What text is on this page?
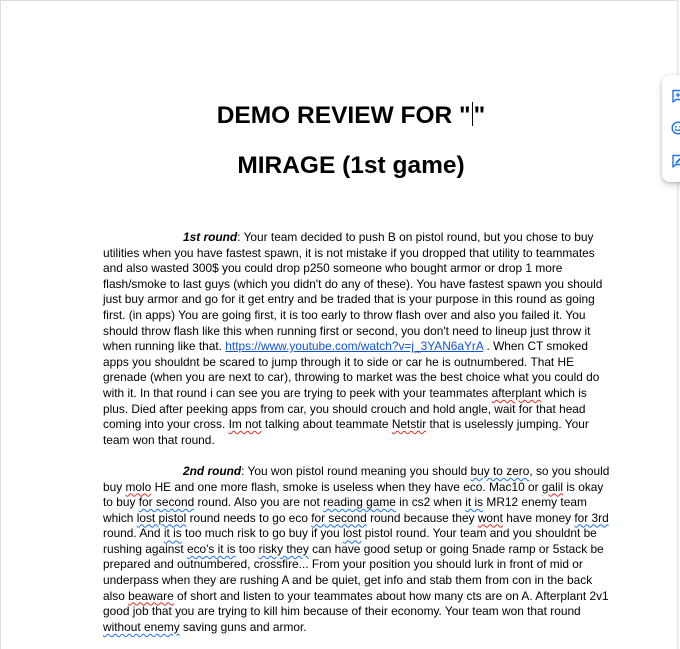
DEMO REVIEW FOR " "
MIRAGE (1st game)

1st round: Your team decided to push B on pistol round, but you chose to buy utilities when you have fastest spawn, it is not mistake if you dropped that utility to teammates and also wasted 300$ you could drop p250 someone who bought armor or drop 1 more flash/smoke to last guys (which you didn't do any of these). You have fastest spawn you should just buy armor and go for it get entry and be traded that is your purpose in this round as going first. (in apps) You are going first, it is too early to throw flash over and also you failed it. You should throw flash like this when running first or second, you don't need to lineup just throw it when running like that. https://www.youtube.com/watch?v=j_3YAN6aYrA . When CT smoked apps you shouldnt be scared to jump through it to side or car he is outnumbered. That HE grenade (when you are next to car), throwing to market was the best choice what you could do with it. In that round i can see you are trying to peek with your teammates afterplant which is plus. Died after peeking apps from car, you should crouch and hold angle, wait for that head coming into your cross. Im not talking about teammate Netstir that is uselessly jumping. Your team won that round.

2nd round: You won pistol round meaning you should buy to zero, so you should buy molo HE and one more flash, smoke is useless when they have eco. Mac10 or galil is okay to buy for second round. Also you are not reading game in cs2 when it is MR12 enemy team which lost pistol round needs to go eco for second round because they wont have money for 3rd round. And it is too much risk to go buy if you lost pistol round. Your team and you shouldnt be rushing against eco's it is too risky they can have good setup or going 5nade ramp or 5stack be prepared and outnumbered, crossfire... From your position you should lurk in front of mid or underpass when they are rushing A and be quiet, get info and stab them from con in the back also beaware of short and listen to your teammates about how many cts are on A. Afterplant 2v1 good job that you are trying to kill him because of their economy. Your team won that round without enemy saving guns and armor.
